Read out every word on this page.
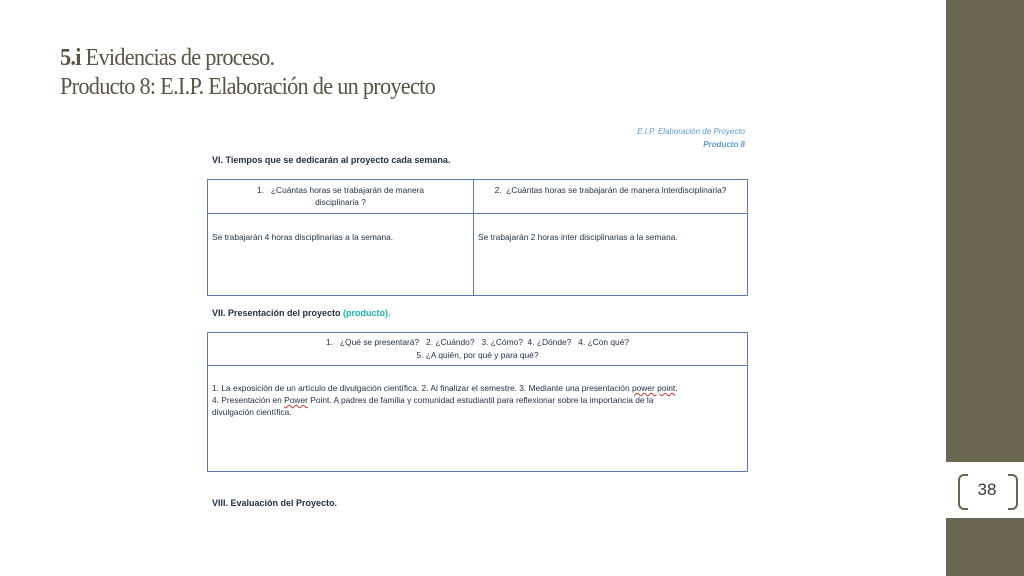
38
5.i Evidencias de proceso.
Producto 8: E.I.P. Elaboración de un proyecto
E.I.P. Elaboración de Proyecto
Producto 8
VI. Tiempos que se dedicarán al proyecto cada semana.
1. ¿Cuántas horas se trabajarán de manera
disciplinaria ?
2. ¿Cuántas horas se trabajarán de manera interdisciplinaria?
Se trabajarán 4 horas disciplinarias a la semana.	Se trabajarán 2 horas inter disciplinarias a la semana.
VII. Presentación del proyecto (producto).
1.   ¿Qué se presentará?   2. ¿Cuándo?   3. ¿Cómo?  4. ¿Dónde?   4. ¿Con qué?
5. ¿A quién, por qué y para qué?
1. La exposición de un artículo de divulgación científica. 2. Al finalizar el semestre. 3. Mediante una presentación power point.
4. Presentación en Power Point. A padres de familia y comunidad estudiantil para reflexionar sobre la importancia de la
divulgación científica.
VIII. Evaluación del Proyecto.
